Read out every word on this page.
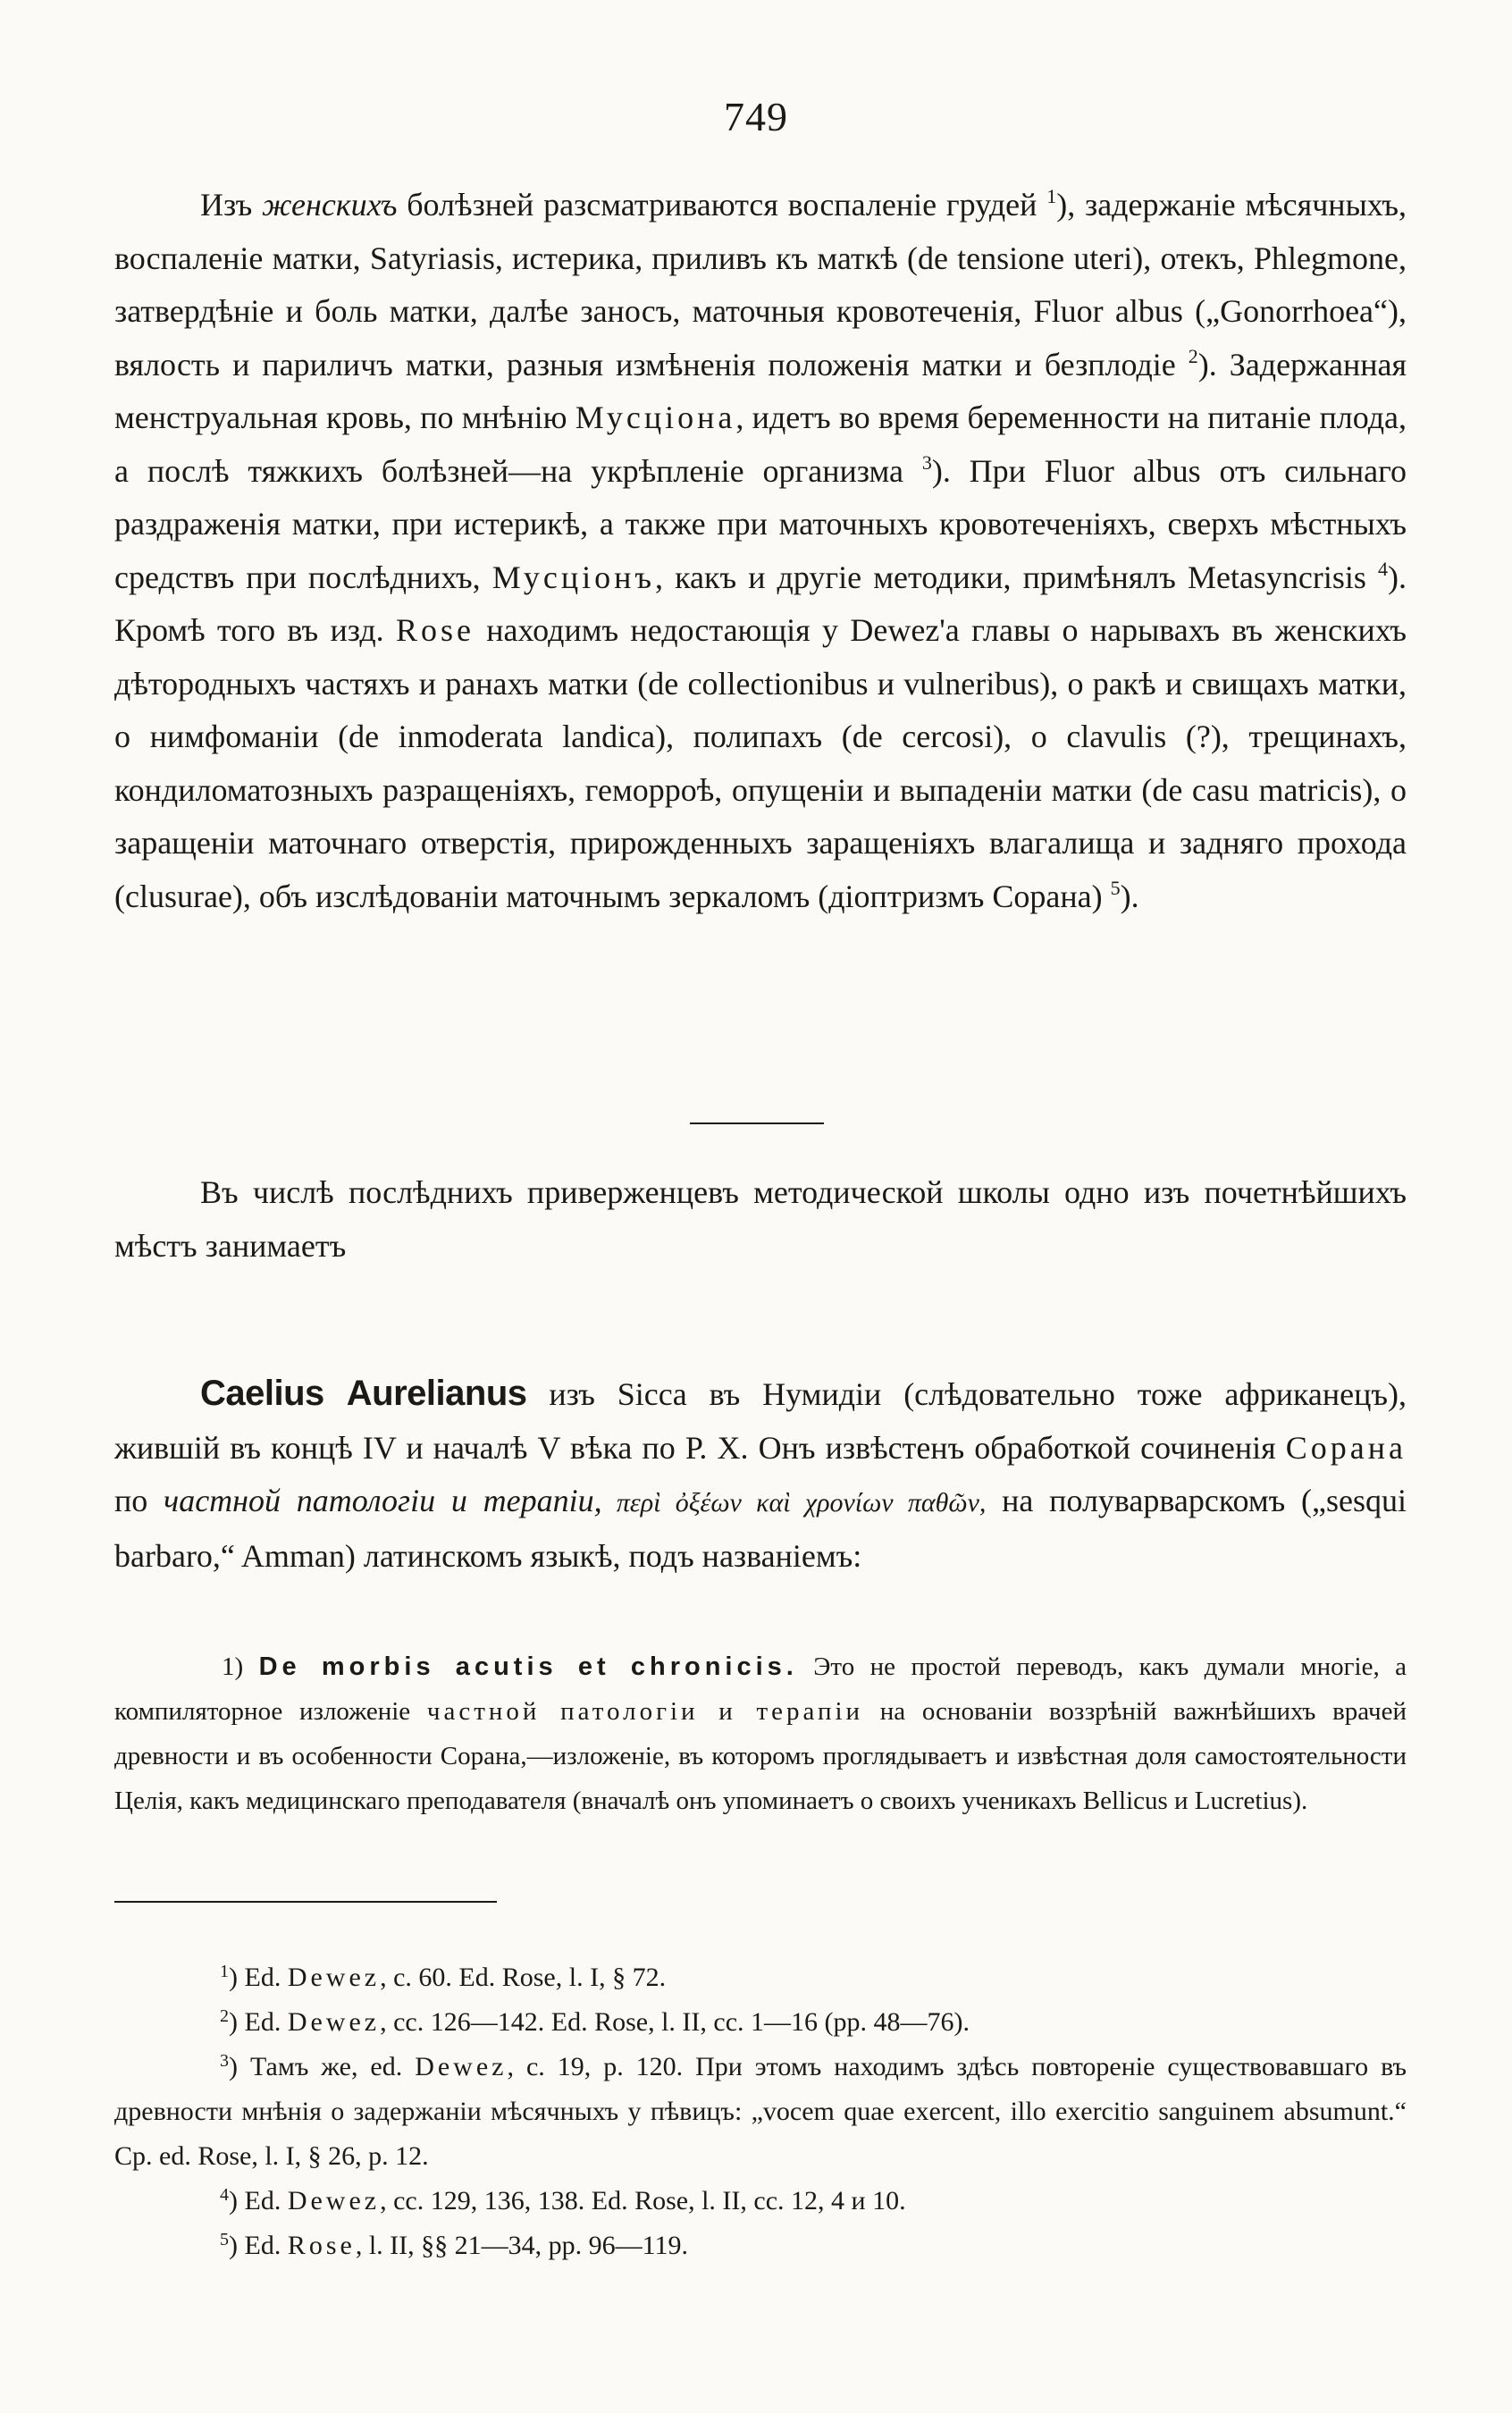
749

Изъ женскихъ болѣзней разсматриваются воспаленіе грудей $^1$), задержаніе мѣсячныхъ, воспаленіе матки, Satyriasis, истерика, приливъ къ маткѣ (de tensione uteri), отекъ, Phlegmone, затвердѣніе и боль матки, далѣе заносъ, маточныя кровотеченія, Fluor albus („Gonorrhoea“), вялость и париличъ матки, разныя измѣненія положенія матки и безплодіе $^2$). Задержанная менструальная кровь, по мнѣнію Мусціона, идетъ во время беременности на питаніе плода, а послѣ тяжкихъ болѣзней—на укрѣпленіе организма $^3$). При Fluor albus отъ сильнаго раздраженія матки, при истерикѣ, а также при маточныхъ кровотеченіяхъ, сверхъ мѣстныхъ средствъ при послѣднихъ, Мусціонъ, какъ и другіе методики, примѣнялъ Metasyncrisis $^4$). Кромѣ того въ изд. Rose находимъ недостающія у Dewez'а главы о нарывахъ въ женскихъ дѣтородныхъ частяхъ и ранахъ матки (de collectionibus и vulneribus), о ракѣ и свищахъ матки, о нимфоманіи (de inmoderata landica), полипахъ (de cercosi), о clavulis (?), трещинахъ, кондиломатозныхъ разращеніяхъ, геморроѣ, опущеніи и выпаденіи матки (de casu matricis), о заращеніи маточнаго отверстія, прирожденныхъ заращеніяхъ влагалища и задняго прохода (clusurae), объ изслѣдованіи маточнымъ зеркаломъ (діоптризмъ Сорана) $^5$).

Въ числѣ послѣднихъ приверженцевъ методической школы одно изъ почетнѣйшихъ мѣстъ занимаетъ

Caelius Aurelianus изъ Sicca въ Нумидіи (слѣдовательно тоже африканецъ), жившій въ концѣ IV и началѣ V вѣка по Р. Х. Онъ извѣстенъ обработкой сочиненія Сорана по частной патологіи и терапіи, περὶ ὀξέων καὶ χρονίων παθῶν, на полуварварскомъ („sesqui barbaro,“ Amman) латинскомъ языкѣ, подъ названіемъ:

1) De morbis acutis et chronicis. Это не простой переводъ, какъ думали многіе, а компиляторное изложеніе частной патологіи и терапіи на основаніи воззрѣній важнѣйшихъ врачей древности и въ особенности Сорана,—изложеніе, въ которомъ проглядываетъ и извѣстная доля самостоятельности Целія, какъ медицинскаго преподавателя (вначалѣ онъ упоминаетъ о своихъ ученикахъ Bellicus и Lucretius).

$^1$) Ed. Dewez, с. 60. Ed. Rose, l. I, § 72.

$^2$) Ed. Dewez, сс. 126—142. Ed. Rose, l. II, сс. 1—16 (pp. 48—76).

$^3$) Тамъ же, ed. Dewez, с. 19, р. 120. При этомъ находимъ здѣсь повтореніе существовавшаго въ древности мнѣнія о задержаніи мѣсячныхъ у пѣвицъ: „vocem quae exercent, illo exercitio sanguinem absumunt.“ Cp. ed. Rose, l. I, § 26, p. 12.

$^4$) Ed. Dewez, сс. 129, 136, 138. Ed. Rose, l. II, сс. 12, 4 и 10.

$^5$) Ed. Rose, l. II, §§ 21—34, pp. 96—119.
